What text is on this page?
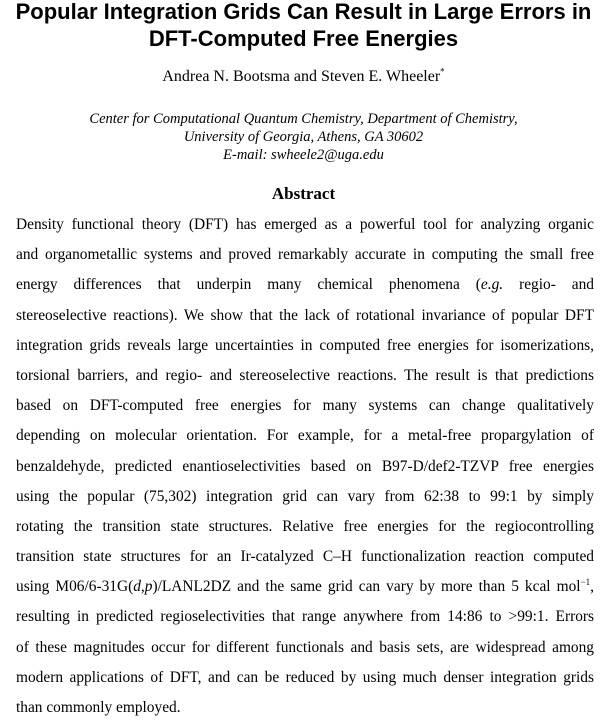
Popular Integration Grids Can Result in Large Errors in
DFT-Computed Free Energies
Andrea N. Bootsma and Steven E. Wheeler*
Center for Computational Quantum Chemistry, Department of Chemistry,
University of Georgia, Athens, GA 30602
E-mail: swheele2@uga.edu
Abstract
Density functional theory (DFT) has emerged as a powerful tool for analyzing organic
and organometallic systems and proved remarkably accurate in computing the small free
energy differences that underpin many chemical phenomena (e.g. regio- and
stereoselective reactions). We show that the lack of rotational invariance of popular DFT
integration grids reveals large uncertainties in computed free energies for isomerizations,
torsional barriers, and regio- and stereoselective reactions. The result is that predictions
based on DFT-computed free energies for many systems can change qualitatively
depending on molecular orientation. For example, for a metal-free propargylation of
benzaldehyde, predicted enantioselectivities based on B97-D/def2-TZVP free energies
using the popular (75,302) integration grid can vary from 62:38 to 99:1 by simply
rotating the transition state structures. Relative free energies for the regiocontrolling
transition state structures for an Ir-catalyzed C–H functionalization reaction computed
using M06/6-31G(d,p)/LANL2DZ and the same grid can vary by more than 5 kcal mol$^{-1}$,
resulting in predicted regioselectivities that range anywhere from 14:86 to >99:1. Errors
of these magnitudes occur for different functionals and basis sets, are widespread among
modern applications of DFT, and can be reduced by using much denser integration grids
than commonly employed.
